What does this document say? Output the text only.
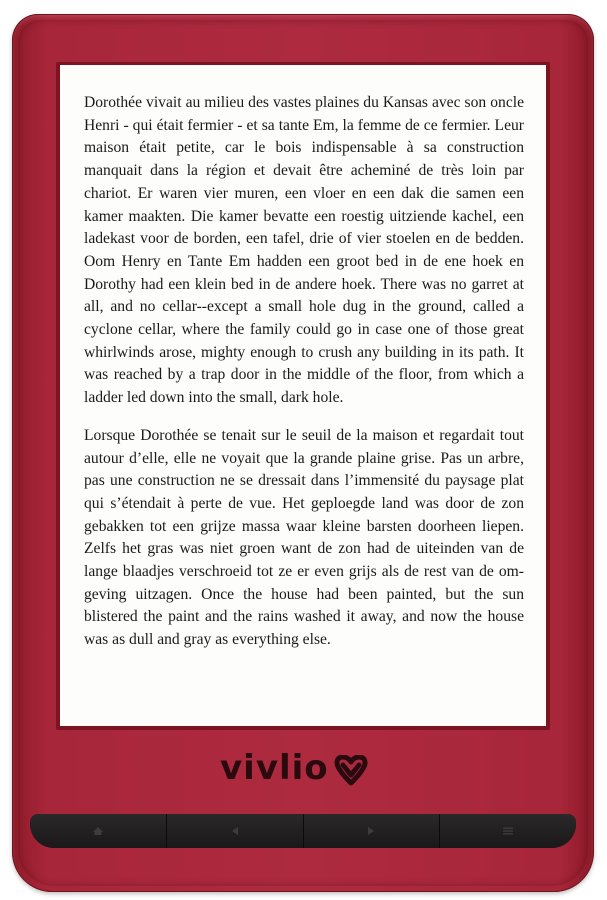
Dorothée vivait au milieu des vastes plaines du Kansas avec son oncle Henri - qui était fermier - et sa tante Em, la femme de ce fermier. Leur maison était petite, car le bois indispensable à sa construction manquait dans la région et devait être acheminé de très loin par chariot. Er waren vier muren, een vloer en een dak die samen een kamer maakten. Die kamer bevatte een roestig uitziende kachel, een ladekast voor de borden, een tafel, drie of vier stoelen en de bedden. Oom Henry en Tante Em hadden een groot bed in de ene hoek en Dorothy had een klein bed in de andere hoek. There was no garret at all, and no cellar--except a small hole dug in the ground, called a cyclone cellar, where the family could go in case one of those great whirlwinds arose, mighty enough to crush any building in its path. It was reached by a trap door in the middle of the floor, from which a ladder led down into the small, dark hole.

Lorsque Dorothée se tenait sur le seuil de la maison et regardait tout autour d’elle, elle ne voyait que la grande plaine grise. Pas un arbre, pas une construction ne se dressait dans l’immensité du paysage plat qui s’étendait à perte de vue. Het geploegde land was door de zon gebakken tot een grijze massa waar kleine barsten doorheen liepen. Zelfs het gras was niet groen want de zon had de uiteinden van de lange blaadjes verschroeid tot ze er even grijs als de rest van de omgeving uitzagen. Once the house had been painted, but the sun blistered the paint and the rains washed it away, and now the house was as dull and gray as everything else.

vivlio
